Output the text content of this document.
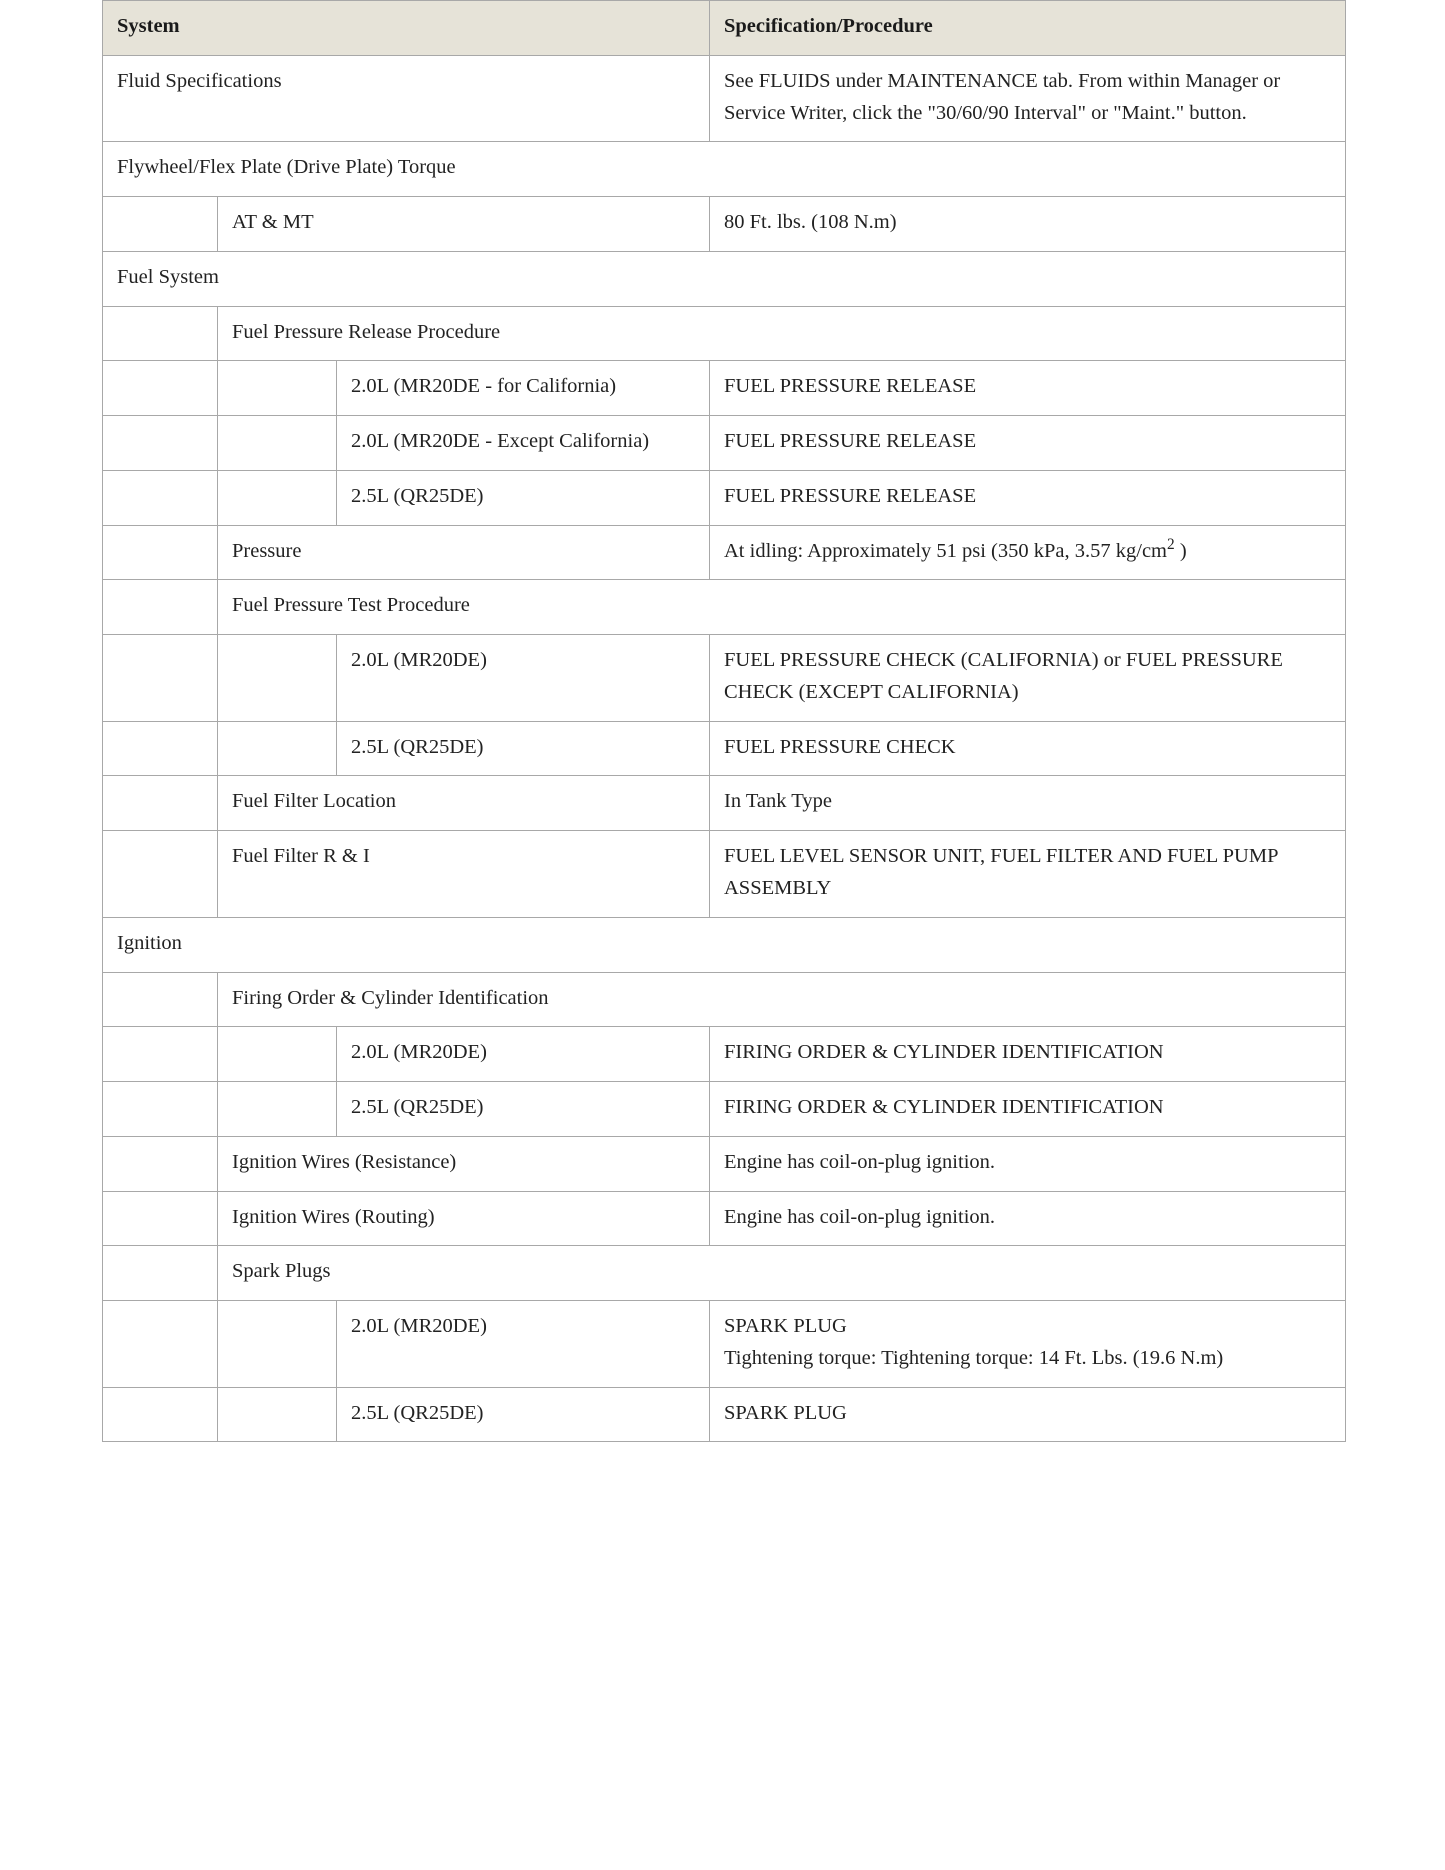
System			Specification/Procedure
Fluid Specifications			See FLUIDS under MAINTENANCE tab. From within Manager or Service Writer, click the "30/60/90 Interval" or "Maint." button.
Flywheel/Flex Plate (Drive Plate) Torque			
	AT & MT		80 Ft. lbs. (108 N.m)
Fuel System			
	Fuel Pressure Release Procedure		
		2.0L (MR20DE - for California)	FUEL PRESSURE RELEASE
		2.0L (MR20DE - Except California)	FUEL PRESSURE RELEASE
		2.5L (QR25DE)	FUEL PRESSURE RELEASE
	Pressure		At idling: Approximately 51 psi (350 kPa, 3.57 $kg/cm^2$ )
	Fuel Pressure Test Procedure		
		2.0L (MR20DE)	FUEL PRESSURE CHECK (CALIFORNIA) or FUEL PRESSURE CHECK (EXCEPT CALIFORNIA)
		2.5L (QR25DE)	FUEL PRESSURE CHECK
	Fuel Filter Location		In Tank Type
	Fuel Filter R & I		FUEL LEVEL SENSOR UNIT, FUEL FILTER AND FUEL PUMP ASSEMBLY
Ignition			
	Firing Order & Cylinder Identification		
		2.0L (MR20DE)	FIRING ORDER & CYLINDER IDENTIFICATION
		2.5L (QR25DE)	FIRING ORDER & CYLINDER IDENTIFICATION
	Ignition Wires (Resistance)		Engine has coil-on-plug ignition.
	Ignition Wires (Routing)		Engine has coil-on-plug ignition.
	Spark Plugs		
		2.0L (MR20DE)	SPARK PLUG
Tightening torque: Tightening torque: 14 Ft. Lbs. (19.6 N.m)

		2.5L (QR25DE)	SPARK PLUG
